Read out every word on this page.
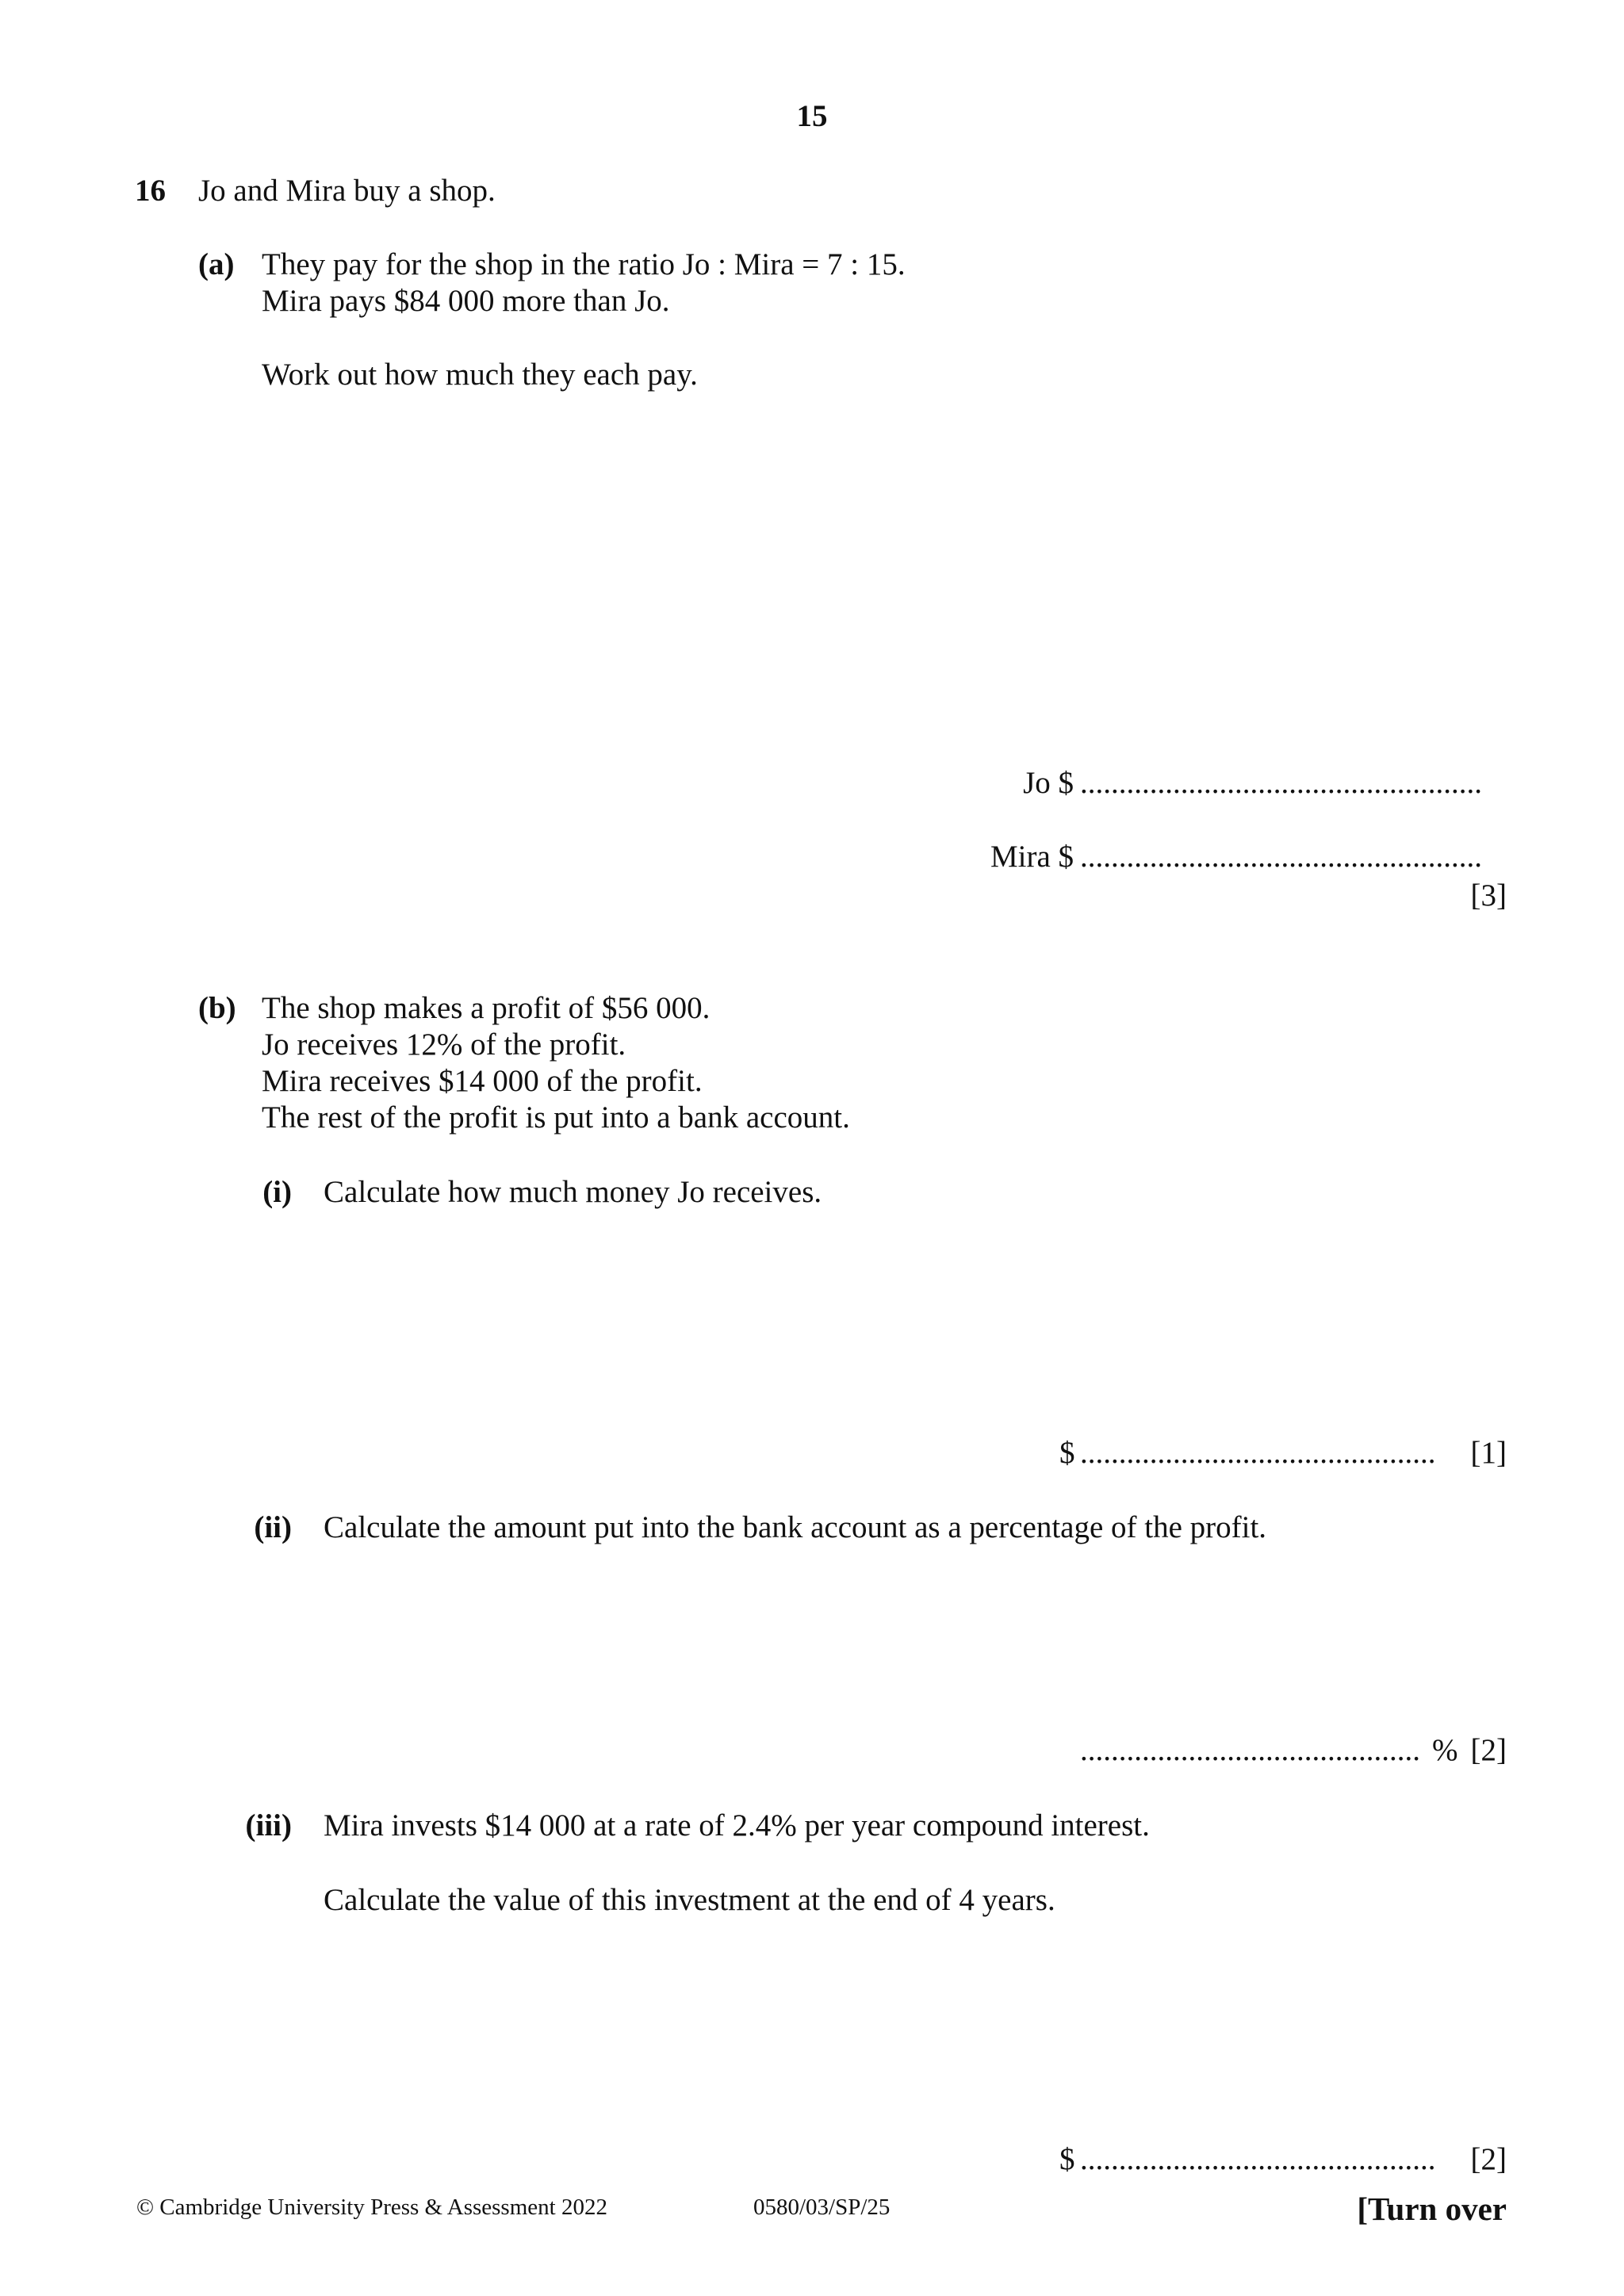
15
16 Jo and Mira buy a shop.
(a) They pay for the shop in the ratio Jo : Mira = 7 : 15.
Mira pays $84 000 more than Jo.
Work out how much they each pay.
Jo $ ....................................................
Mira $ ....................................................
[3]
(b) The shop makes a profit of $56 000.
Jo receives 12% of the profit.
Mira receives $14 000 of the profit.
The rest of the profit is put into a bank account.
(i) Calculate how much money Jo receives.
$ .............................................. [1]
(ii) Calculate the amount put into the bank account as a percentage of the profit.
............................................ % [2]
(iii) Mira invests $14 000 at a rate of 2.4% per year compound interest.
Calculate the value of this investment at the end of 4 years.
$ .............................................. [2]
© Cambridge University Press & Assessment 2022	0580/03/SP/25	[Turn over
